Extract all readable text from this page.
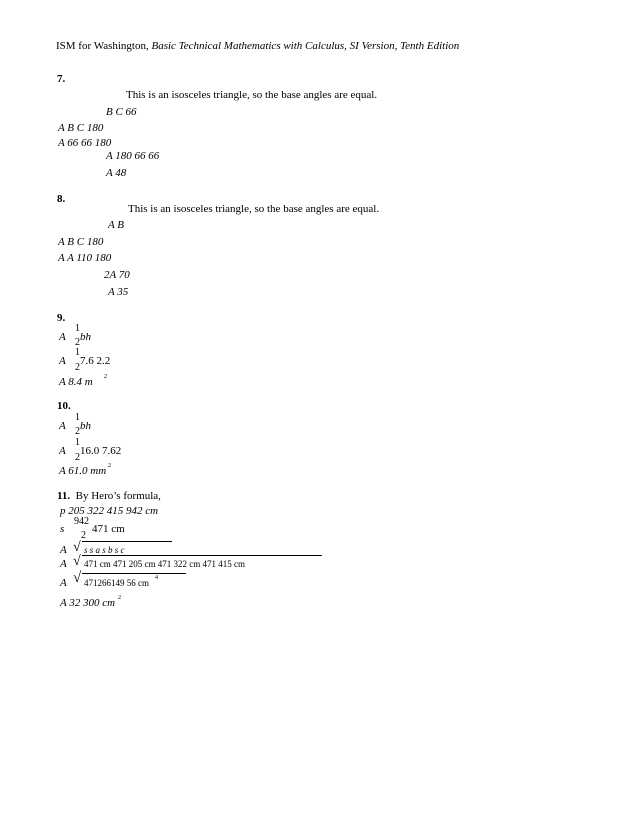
ISM for Washington, Basic Technical Mathematics with Calculus, SI Version, Tenth Edition
7.
This is an isosceles triangle, so the base angles are equal.
B C 66
A B C 180
A 66 66 180
A 180 66 66
A 48
8.
This is an isosceles triangle, so the base angles are equal.
A B
A B C 180
A A 110 180
2A 70
A 35
9.
A
1
2 bh
A
1
2
7.6 2.2
A 8.4 m 2
10.
A
1
2 bh
A
1
2
16.0 7.62
A 61.0 mm 2
11. By Hero’s formula,
p 205 322 415 942 cm
s
942
2
471 cm
A √ s s a s b s c
A √ 471 cm 471 205 cm 471 322 cm 471 415 cm
A √ 471266149 56 cm 4
A 32 300 cm 2
